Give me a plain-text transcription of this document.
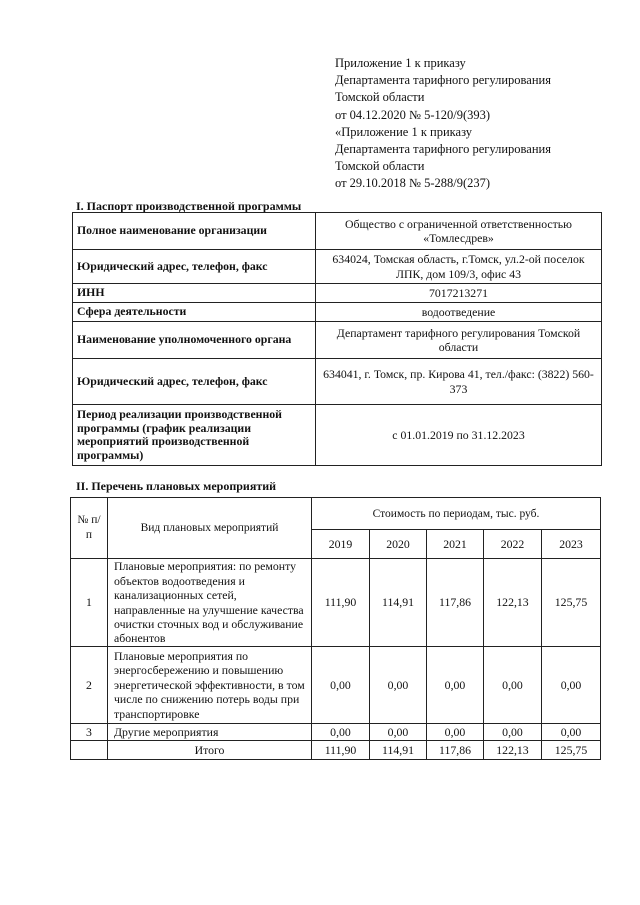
Приложение 1 к приказу
Департамента тарифного регулирования
Томской области
от 04.12.2020 № 5-120/9(393)
«Приложение 1 к приказу
Департамента тарифного регулирования
Томской области
от 29.10.2018 № 5-288/9(237)
I. Паспорт производственной программы
Полное наименование организации	Общество с ограниченной ответственностью «Томлесдрев»
Юридический адрес, телефон, факс	634024, Томская область, г.Томск, ул.2-ой поселок ЛПК, дом 109/3, офис 43
ИНН	7017213271
Сфера деятельности	водоотведение
Наименование уполномоченного органа	Департамент тарифного регулирования Томской области
Юридический адрес, телефон, факс	634041, г. Томск, пр. Кирова 41, тел./факс: (3822) 560-373
Период реализации производственной программы (график реализации мероприятий производственной программы)	с 01.01.2019 по 31.12.2023
II. Перечень плановых мероприятий
№ п/п	Вид плановых мероприятий	Стоимость по периодам, тыс. руб.				
		2019	2020	2021	2022	2023
1	Плановые мероприятия: по ремонту объектов водоотведения и канализационных сетей, направленные на улучшение качества очистки сточных вод и обслуживание абонентов	111,90	114,91	117,86	122,13	125,75
2	Плановые мероприятия по энергосбережению и повышению энергетической эффективности, в том числе по снижению потерь воды при транспортировке	0,00	0,00	0,00	0,00	0,00
3	Другие мероприятия	0,00	0,00	0,00	0,00	0,00
	Итого	111,90	114,91	117,86	122,13	125,75
